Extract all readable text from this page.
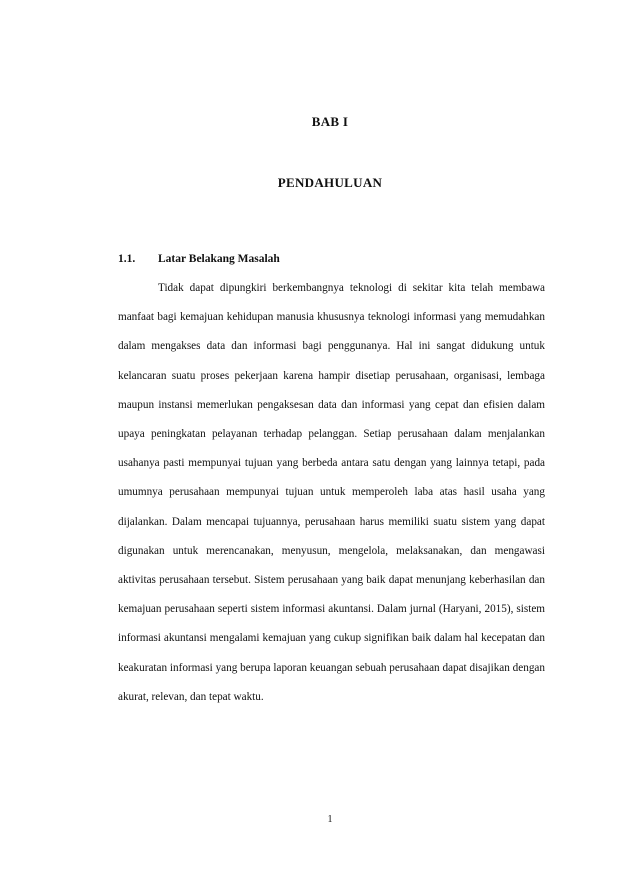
BAB I
PENDAHULUAN
1.1.	Latar Belakang Masalah

Tidak dapat dipungkiri berkembangnya teknologi di sekitar kita telah membawa manfaat bagi kemajuan kehidupan manusia khususnya teknologi informasi yang memudahkan dalam mengakses data dan informasi bagi penggunanya. Hal ini sangat didukung untuk kelancaran suatu proses pekerjaan karena hampir disetiap perusahaan, organisasi, lembaga maupun instansi memerlukan pengaksesan data dan informasi yang cepat dan efisien dalam upaya peningkatan pelayanan terhadap pelanggan. Setiap perusahaan dalam menjalankan usahanya pasti mempunyai tujuan yang berbeda antara satu dengan yang lainnya tetapi, pada umumnya perusahaan mempunyai tujuan untuk memperoleh laba atas hasil usaha yang dijalankan. Dalam mencapai tujuannya, perusahaan harus memiliki suatu sistem yang dapat digunakan untuk merencanakan, menyusun, mengelola, melaksanakan, dan mengawasi aktivitas perusahaan tersebut. Sistem perusahaan yang baik dapat menunjang keberhasilan dan kemajuan perusahaan seperti sistem informasi akuntansi. Dalam jurnal (Haryani, 2015), sistem informasi akuntansi mengalami kemajuan yang cukup signifikan baik dalam hal kecepatan dan keakuratan informasi yang berupa laporan keuangan sebuah perusahaan dapat disajikan dengan akurat, relevan, dan tepat waktu.

1
